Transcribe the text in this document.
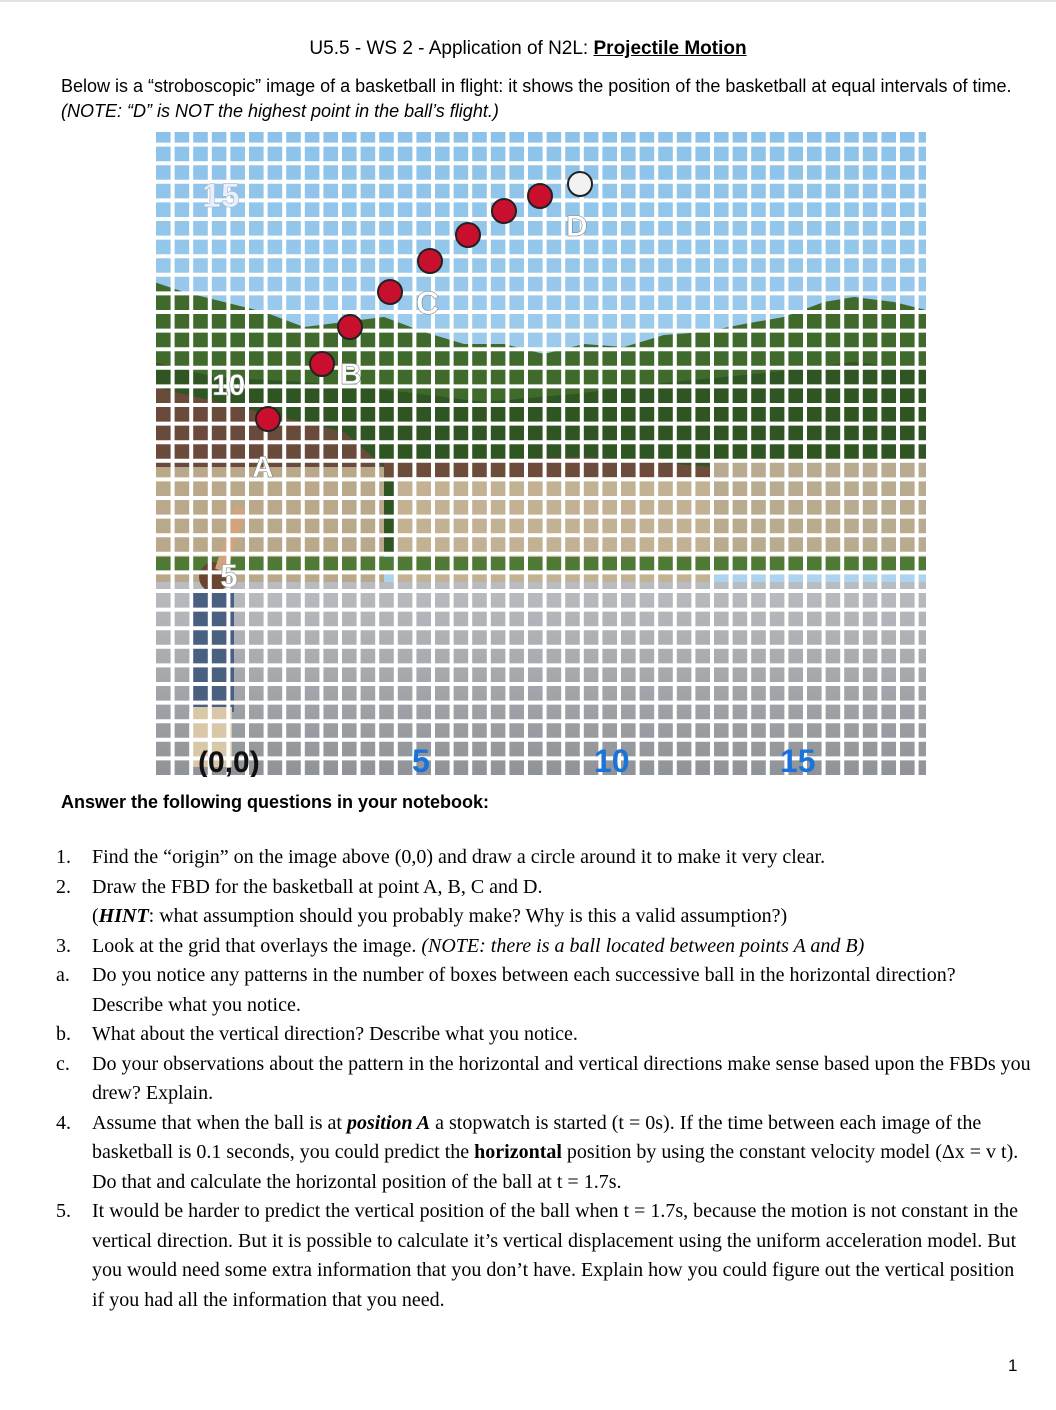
U5.5 - WS 2 - Application of N2L: Projectile Motion
Below is a “stroboscopic” image of a basketball in flight: it shows the position of the basketball at equal intervals of time. (NOTE: “D” is NOT the highest point in the ball’s flight.)
15
10
5
A
B
C
D
(0,0)	5	10	15
Answer the following questions in your notebook:
1.	Find the “origin” on the image above (0,0) and draw a circle around it to make it very clear.
2.	Draw the FBD for the basketball at point A, B, C and D.
(HINT: what assumption should you probably make? Why is this a valid assumption?)
3.	Look at the grid that overlays the image. (NOTE: there is a ball located between points A and B)
a.	Do you notice any patterns in the number of boxes between each successive ball in the horizontal direction? Describe what you notice.
b.	What about the vertical direction? Describe what you notice.
c.	Do your observations about the pattern in the horizontal and vertical directions make sense based upon the FBDs you drew? Explain.
4.	Assume that when the ball is at position A a stopwatch is started (t = 0s). If the time between each image of the basketball is 0.1 seconds, you could predict the horizontal position by using the constant velocity model (Δx = v t). Do that and calculate the horizontal position of the ball at t = 1.7s.
5.	It would be harder to predict the vertical position of the ball when t = 1.7s, because the motion is not constant in the vertical direction. But it is possible to calculate it’s vertical displacement using the uniform acceleration model. But you would need some extra information that you don’t have. Explain how you could figure out the vertical position if you had all the information that you need.
1
